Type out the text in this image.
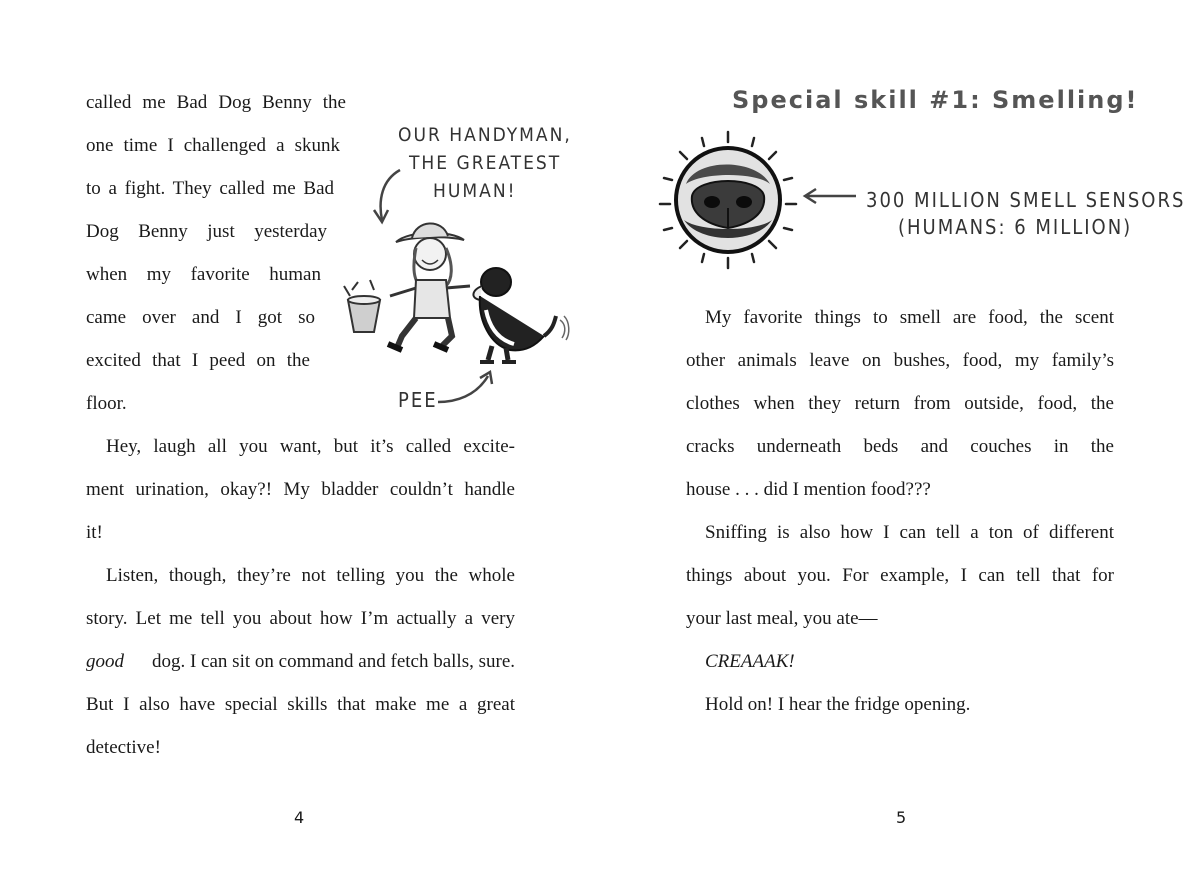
called me Bad Dog Benny the
one time I challenged a skunk
to a fight. They called me Bad
Dog Benny just yesterday
when my favorite human
came over and I got so
excited that I peed on the
floor.
Hey, laugh all you want, but it’s called excite-
ment urination, okay?! My bladder couldn’t handle
it!
Listen, though, they’re not telling you the whole
story. Let me tell you about how I’m actually a very
good dog. I can sit on command and fetch balls, sure.
But I also have special skills that make me a great
detective!
OUR HANDYMAN,
THE GREATEST
HUMAN!
PEE
4
Special skill #1: Smelling!
300 MILLION SMELL SENSORS
(HUMANS: 6 MILLION)
My favorite things to smell are food, the scent
other animals leave on bushes, food, my family’s
clothes when they return from outside, food, the
cracks underneath beds and couches in the
house . . . did I mention food???
Sniffing is also how I can tell a ton of different
things about you. For example, I can tell that for
your last meal, you ate—
CREAAAK!
Hold on! I hear the fridge opening.
5
